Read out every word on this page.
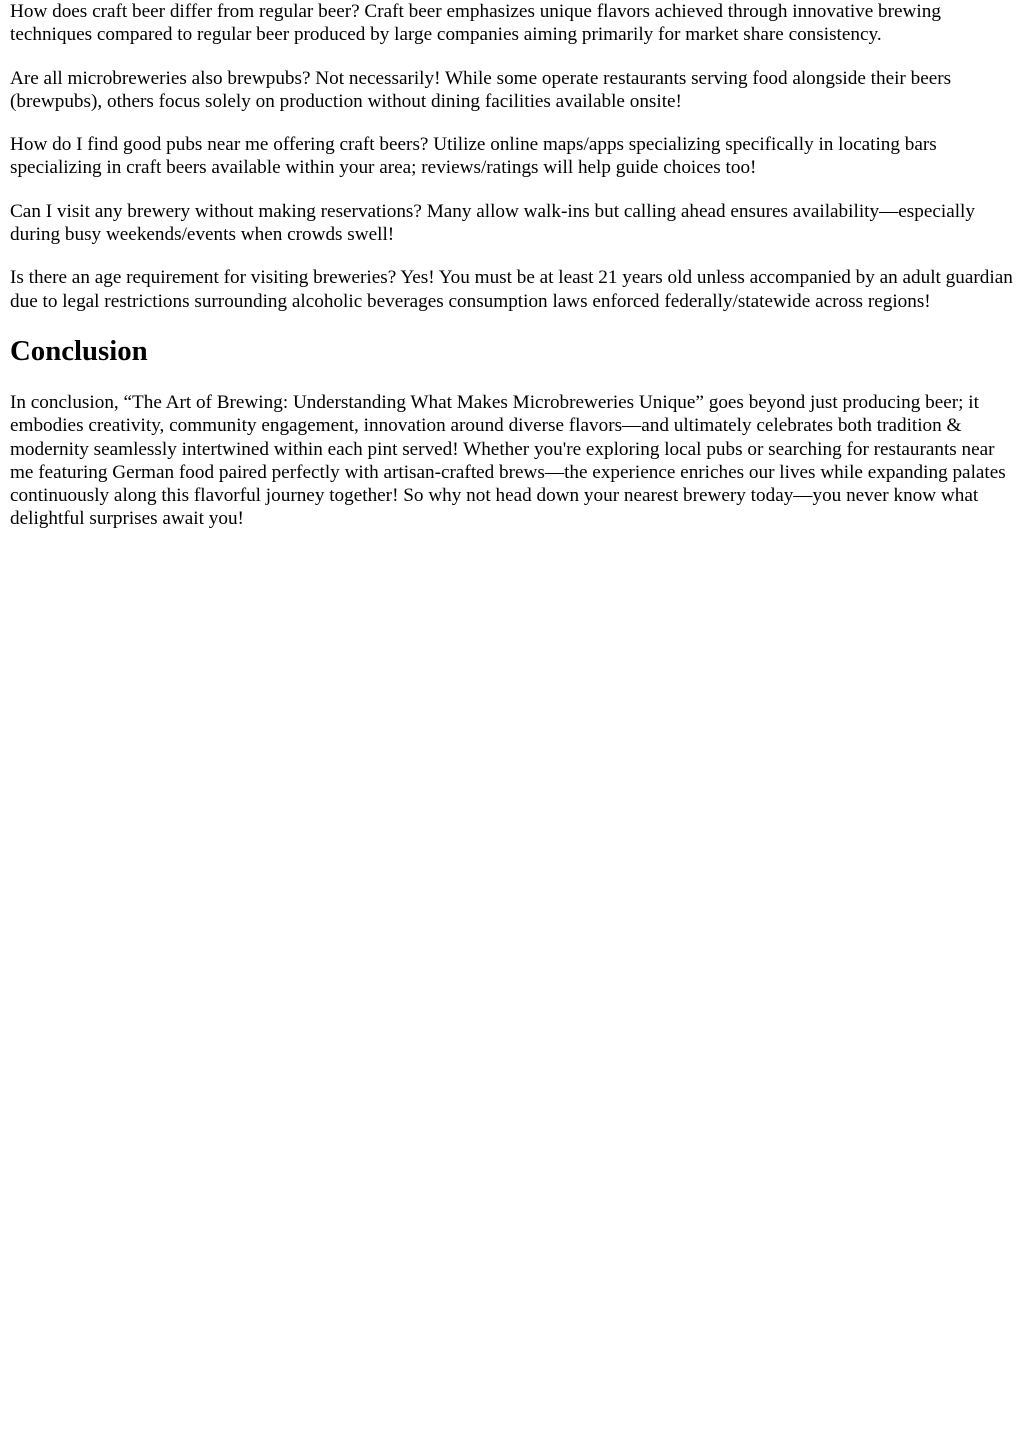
How does craft beer differ from regular beer? Craft beer emphasizes unique flavors achieved through innovative brewing techniques compared to regular beer produced by large companies aiming primarily for market share consistency.

Are all microbreweries also brewpubs? Not necessarily! While some operate restaurants serving food alongside their beers (brewpubs), others focus solely on production without dining facilities available onsite!

How do I find good pubs near me offering craft beers? Utilize online maps/apps specializing specifically in locating bars specializing in craft beers available within your area; reviews/ratings will help guide choices too!

Can I visit any brewery without making reservations? Many allow walk-ins but calling ahead ensures availability—especially during busy weekends/events when crowds swell!

Is there an age requirement for visiting breweries? Yes! You must be at least 21 years old unless accompanied by an adult guardian due to legal restrictions surrounding alcoholic beverages consumption laws enforced federally/statewide across regions!

Conclusion

In conclusion, “The Art of Brewing: Understanding What Makes Microbreweries Unique” goes beyond just producing beer; it embodies creativity, community engagement, innovation around diverse flavors—and ultimately celebrates both tradition & modernity seamlessly intertwined within each pint served! Whether you're exploring local pubs or searching for restaurants near me featuring German food paired perfectly with artisan-crafted brews—the experience enriches our lives while expanding palates continuously along this flavorful journey together! So why not head down your nearest brewery today—you never know what delightful surprises await you!
